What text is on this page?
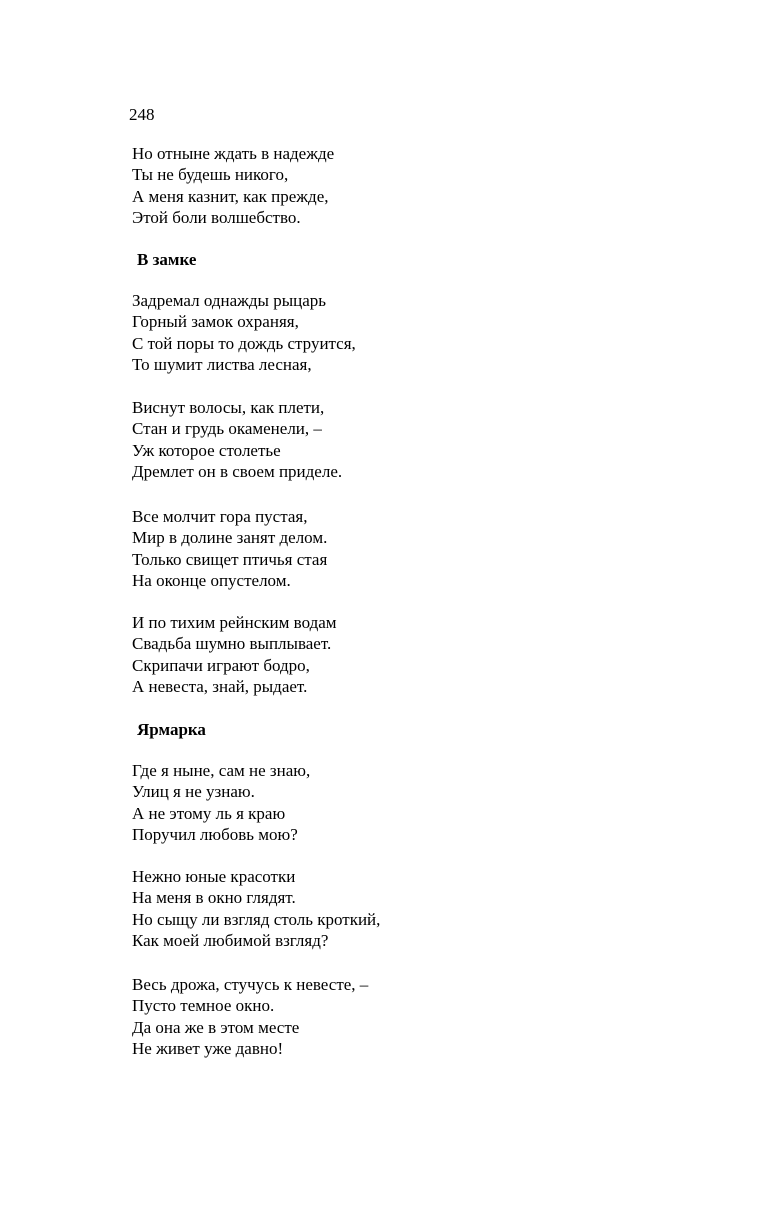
248
Но отныне ждать в надежде
Ты не будешь никого,
А меня казнит, как прежде,
Этой боли волшебство.
В замке
Задремал однажды рыцарь
Горный замок охраняя,
С той поры то дождь струится,
То шумит листва лесная,
Виснут волосы, как плети,
Стан и грудь окаменели, –
Уж которое столетье
Дремлет он в своем приделе.
Все молчит гора пустая,
Мир в долине занят делом.
Только свищет птичья стая
На оконце опустелом.
И по тихим рейнским водам
Свадьба шумно выплывает.
Скрипачи играют бодро,
А невеста, знай, рыдает.
Ярмарка
Где я ныне, сам не знаю,
Улиц я не узнаю.
А не этому ль я краю
Поручил любовь мою?
Нежно юные красотки
На меня в окно глядят.
Но сыщу ли взгляд столь кроткий,
Как моей любимой взгляд?
Весь дрожа, стучусь к невесте, –
Пусто темное окно.
Да она же в этом месте
Не живет уже давно!
